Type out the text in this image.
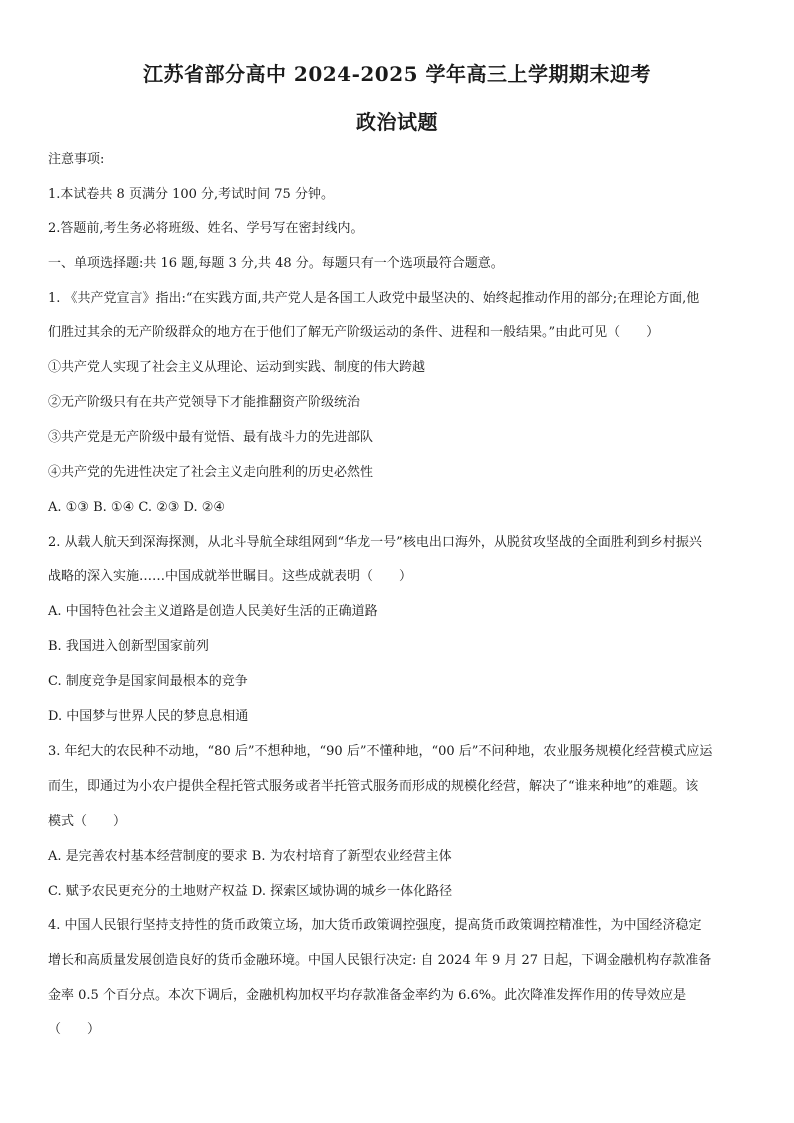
江苏省部分高中 2024-2025 学年高三上学期期末迎考
政治试题
注意事项:
1.本试卷共 8 页满分 100 分,考试时间 75 分钟。
2.答题前,考生务必将班级、姓名、学号写在密封线内。
一、单项选择题:共 16 题,每题 3 分,共 48 分。每题只有一个选项最符合题意。
1. 《共产党宣言》指出:“在实践方面,共产党人是各国工人政党中最坚决的、始终起推动作用的部分;在理论方面,他
们胜过其余的无产阶级群众的地方在于他们了解无产阶级运动的条件、进程和一般结果。”由此可见（　　）
①共产党人实现了社会主义从理论、运动到实践、制度的伟大跨越
②无产阶级只有在共产党领导下才能推翻资产阶级统治
③共产党是无产阶级中最有觉悟、最有战斗力的先进部队
④共产党的先进性决定了社会主义走向胜利的历史必然性
A. ①③ B. ①④ C. ②③ D. ②④
2. 从载人航天到深海探测，从北斗导航全球组网到“华龙一号”核电出口海外，从脱贫攻坚战的全面胜利到乡村振兴
战略的深入实施……中国成就举世瞩目。这些成就表明（　　）
A. 中国特色社会主义道路是创造人民美好生活的正确道路
B. 我国进入创新型国家前列
C. 制度竞争是国家间最根本的竞争
D. 中国梦与世界人民的梦息息相通
3. 年纪大的农民种不动地，“80 后”不想种地，“90 后”不懂种地，“00 后”不问种地，农业服务规模化经营模式应运
而生，即通过为小农户提供全程托管式服务或者半托管式服务而形成的规模化经营，解决了“谁来种地”的难题。该
模式（　　）
A. 是完善农村基本经营制度的要求 B. 为农村培育了新型农业经营主体
C. 赋予农民更充分的土地财产权益 D. 探索区域协调的城乡一体化路径
4. 中国人民银行坚持支持性的货币政策立场，加大货币政策调控强度，提高货币政策调控精准性，为中国经济稳定
增长和高质量发展创造良好的货币金融环境。中国人民银行决定: 自 2024 年 9 月 27 日起，下调金融机构存款准备
金率 0.5 个百分点。本次下调后，金融机构加权平均存款准备金率约为 6.6%。此次降准发挥作用的传导效应是
（　　）
